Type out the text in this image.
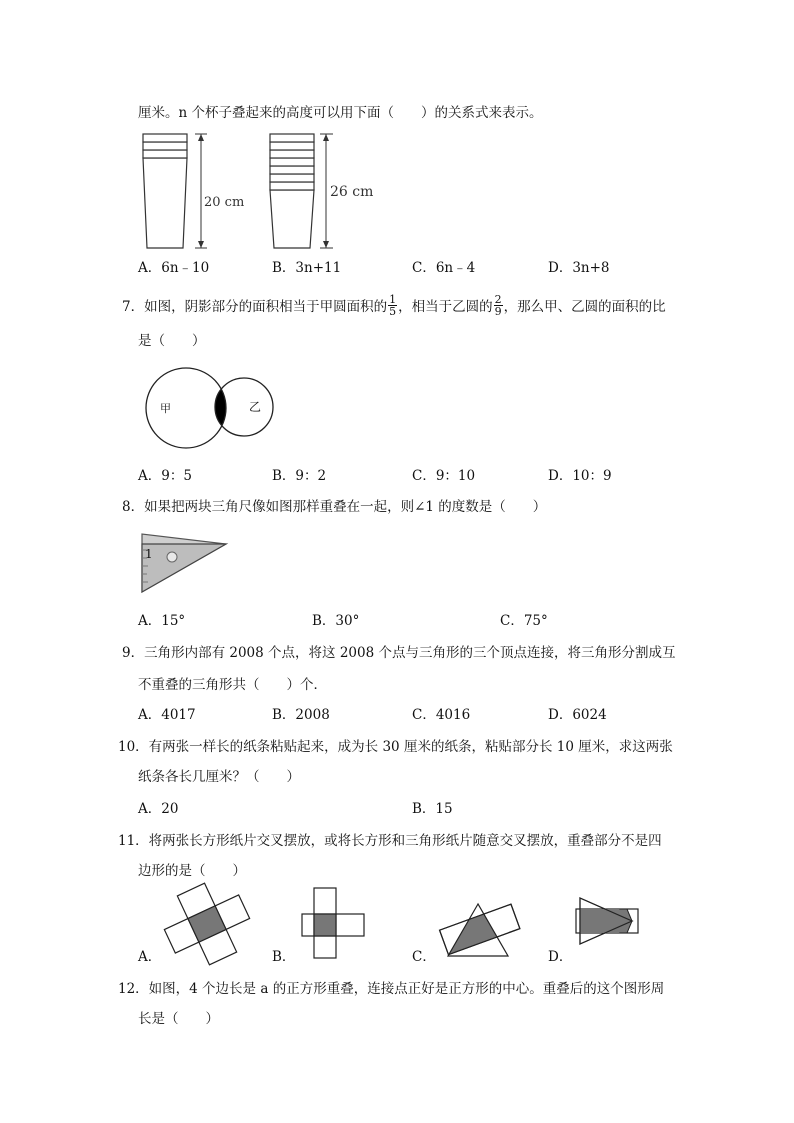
厘米。n 个杯子叠起来的高度可以用下面（　　）的关系式来表示。
20 cm
26 cm
A．6n﹣10	B．3n+11	C．6n﹣4	D．3n+8
7．如图，阴影部分的面积相当于甲圆面积的 $\frac{1}{5}$ ，相当于乙圆的 $\frac{2}{9}$ ，那么甲、乙圆的面积的比
是（　　）
甲	乙
A．9：5	B．9：2	C．9：10	D．10：9
8．如果把两块三角尺像如图那样重叠在一起，则∠1 的度数是（　　）
1
A．15°	B．30°	C．75°
9．三角形内部有 2008 个点，将这 2008 个点与三角形的三个顶点连接，将三角形分割成互
不重叠的三角形共（　　）个．
A．4017	B．2008	C．4016	D．6024
10．有两张一样长的纸条粘贴起来，成为长 30 厘米的纸条，粘贴部分长 10 厘米，求这两张
纸条各长几厘米？（　　）
A．20	B．15
11．将两张长方形纸片交叉摆放，或将长方形和三角形纸片随意交叉摆放，重叠部分不是四
边形的是（　　）
A．	B．	C．	D．
12．如图，4 个边长是 a 的正方形重叠，连接点正好是正方形的中心。重叠后的这个图形周
长是（　　）
